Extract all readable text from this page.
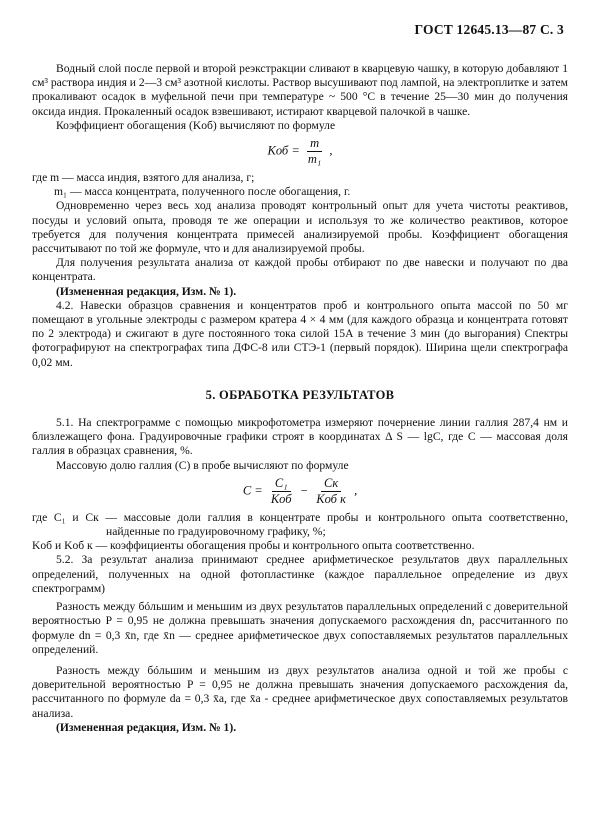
ГОСТ 12645.13—87 С. 3

Водный слой после первой и второй реэкстракции сливают в кварцевую чашку, в которую добавляют 1 см³ раствора индия и 2—3 см³ азотной кислоты. Раствор высушивают под лампой, на электроплитке и затем прокаливают осадок в муфельной печи при температуре ~ 500 °С в течение 25—30 мин до получения оксида индия. Прокаленный осадок взвешивают, истирают кварцевой палочкой в чашке.

Коэффициент обогащения (Kоб) вычисляют по формуле

Kоб = $\frac{m}{\text{m₁}}$ ,

где m — масса индия, взятого для анализа, г;

m₁ — масса концентрата, полученного после обогащения, г.

Одновременно через весь ход анализа проводят контрольный опыт для учета чистоты реактивов, посуды и условий опыта, проводя те же операции и используя то же количество реактивов, которое требуется для получения концентрата примесей анализируемой пробы. Коэффициент обогащения рассчитывают по той же формуле, что и для анализируемой пробы.

Для получения результата анализа от каждой пробы отбирают по две навески и получают по два концентрата.

(Измененная редакция, Изм. № 1).

4.2. Навески образцов сравнения и концентратов проб и контрольного опыта массой по 50 мг помещают в угольные электроды с размером кратера 4 × 4 мм (для каждого образца и концентрата готовят по 2 электрода) и сжигают в дуге постоянного тока силой 15А в течение 3 мин (до выгорания) Спектры фотографируют на спектрографах типа ДФС-8 или СТЭ-1 (первый порядок). Ширина щели спектрографа 0,02 мм.

5. ОБРАБОТКА РЕЗУЛЬТАТОВ

5.1. На спектрограмме с помощью микрофотометра измеряют почернение линии галлия 287,4 нм и близлежащего фона. Градуировочные графики строят в координатах Δ S — lgC, где C — массовая доля галлия в образцах сравнения, %.

Массовую долю галлия (C) в пробе вычисляют по формуле

$C = \frac{\text{C₁}}{\text{Kоб}} - \frac{Cк}{\text{Kоб к}}$ ,

где C₁ и Cк — массовые доли галлия в концентрате пробы и контрольного опыта соответственно, найденные по градуировочному графику, %;

Kоб и Kоб к — коэффициенты обогащения пробы и контрольного опыта соответственно.

5.2. За результат анализа принимают среднее арифметическое результатов двух параллельных определений, полученных на одной фотопластинке (каждое параллельное определение из двух спектрограмм)

Разность между бóльшим и меньшим из двух результатов параллельных определений с доверительной вероятностью P = 0,95 не должна превышать значения допускаемого расхождения dn, рассчитанного по формуле dn = 0,3 x̄n, где x̄n — среднее арифметическое двух сопоставляемых результатов параллельных определений.

Разность между бóльшим и меньшим из двух результатов анализа одной и той же пробы с доверительной вероятностью P = 0,95 не должна превышать значения допускаемого расхождения da, рассчитанного по формуле da = 0,3 x̄a, где x̄a - среднее арифметическое двух сопоставляемых результатов анализа.

(Измененная редакция, Изм. № 1).
